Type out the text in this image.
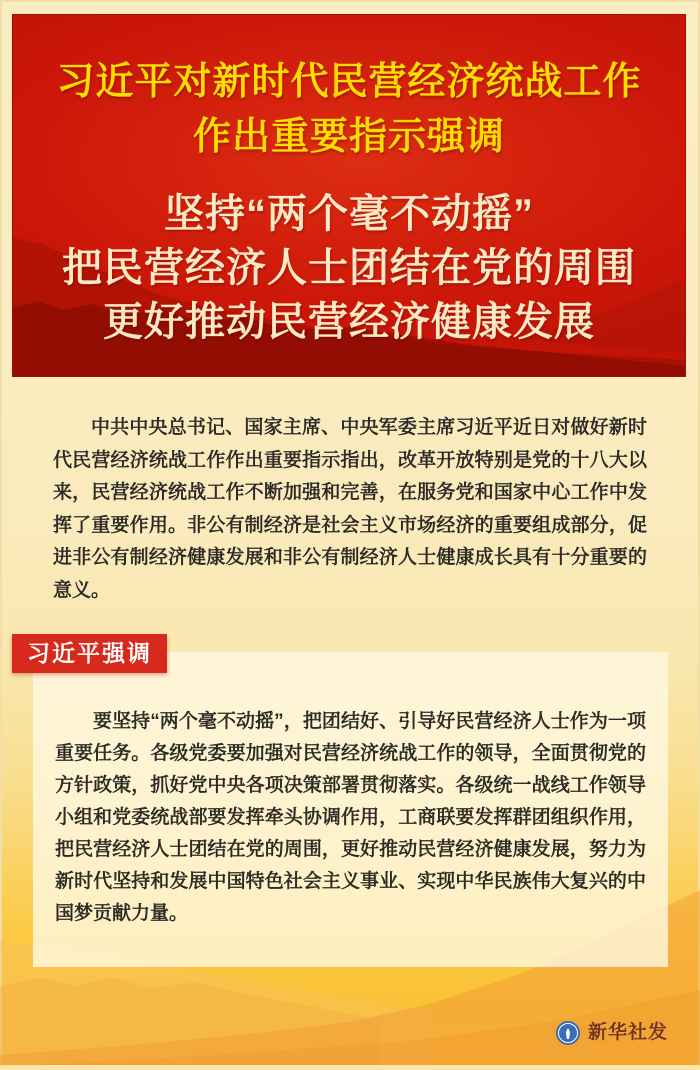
习近平对新时代民营经济统战工作
作出重要指示强调
坚持“两个毫不动摇”
把民营经济人士团结在党的周围
更好推动民营经济健康发展

中共中央总书记、国家主席、中央军委主席习近平近日对做好新时代民营经济统战工作作出重要指示指出，改革开放特别是党的十八大以来，民营经济统战工作不断加强和完善，在服务党和国家中心工作中发挥了重要作用。非公有制经济是社会主义市场经济的重要组成部分，促进非公有制经济健康发展和非公有制经济人士健康成长具有十分重要的意义。

习近平强调

要坚持“两个毫不动摇”，把团结好、引导好民营经济人士作为一项重要任务。各级党委要加强对民营经济统战工作的领导，全面贯彻党的方针政策，抓好党中央各项决策部署贯彻落实。各级统一战线工作领导小组和党委统战部要发挥牵头协调作用，工商联要发挥群团组织作用，把民营经济人士团结在党的周围，更好推动民营经济健康发展，努力为新时代坚持和发展中国特色社会主义事业、实现中华民族伟大复兴的中国梦贡献力量。

新华社发
